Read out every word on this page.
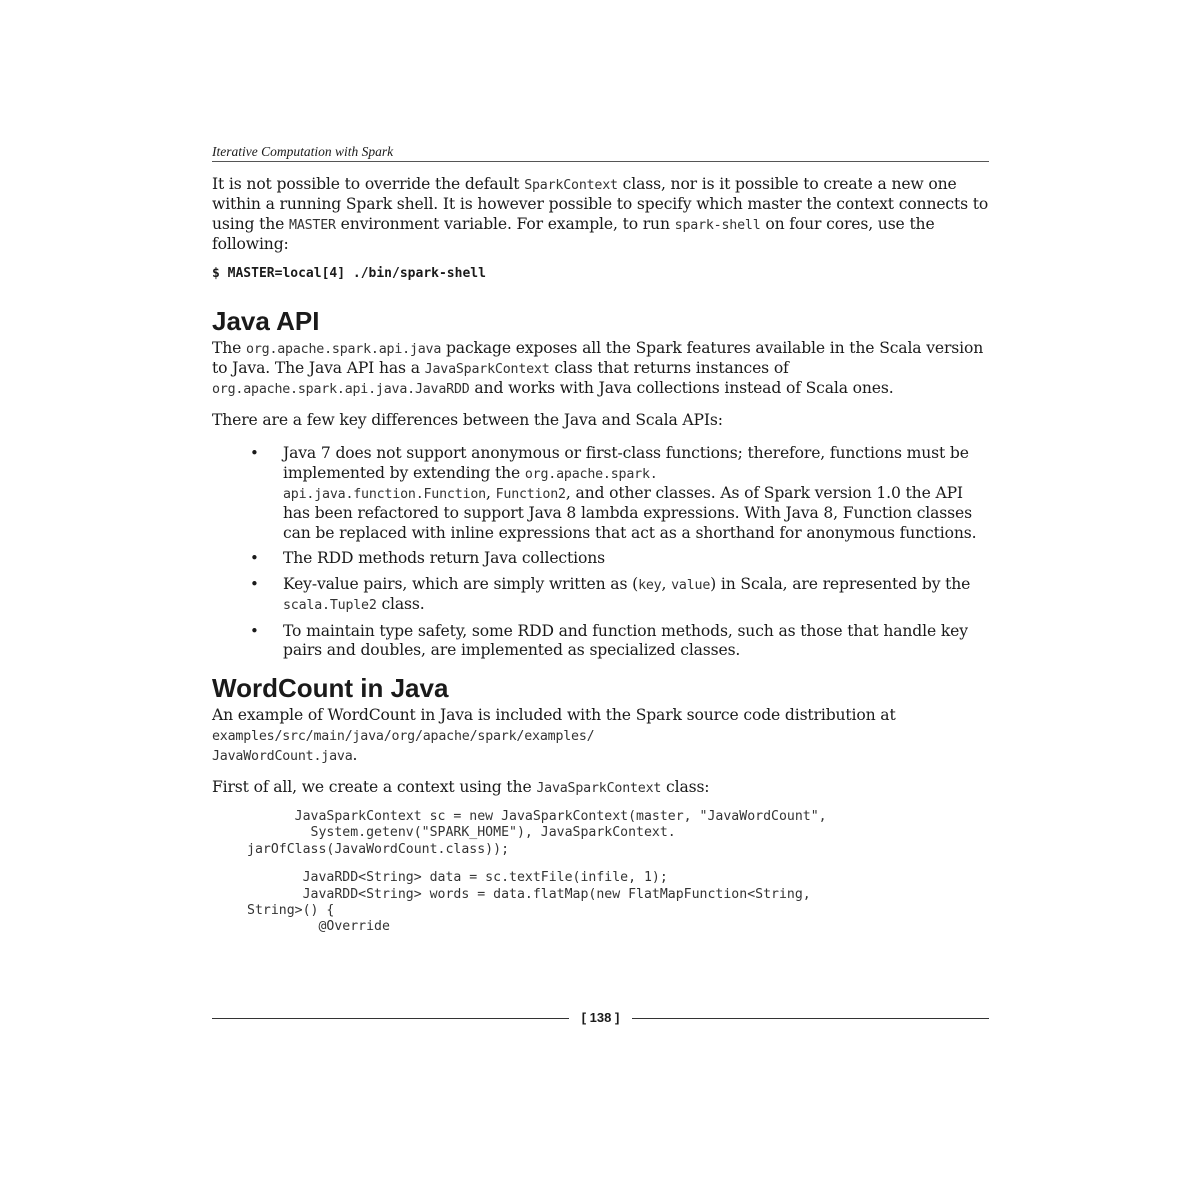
Iterative Computation with Spark

It is not possible to override the default SparkContext class, nor is it possible to create a new one within a running Spark shell. It is however possible to specify which master the context connects to using the MASTER environment variable. For example, to run spark-shell on four cores, use the following:

$ MASTER=local[4] ./bin/spark-shell
Java API

The org.apache.spark.api.java package exposes all the Spark features available in the Scala version to Java. The Java API has a JavaSparkContext class that returns instances of org.apache.spark.api.java.JavaRDD and works with Java collections instead of Scala ones.

There are a few key differences between the Java and Scala APIs:

• Java 7 does not support anonymous or first-class functions; therefore, functions must be implemented by extending the org.apache.spark.
api.java.function.Function, Function2, and other classes. As of Spark version 1.0 the API has been refactored to support Java 8 lambda expressions. With Java 8, Function classes can be replaced with inline expressions that act as a shorthand for anonymous functions.
• The RDD methods return Java collections
• Key-value pairs, which are simply written as (key, value) in Scala, are represented by the scala.Tuple2 class.
• To maintain type safety, some RDD and function methods, such as those that handle key pairs and doubles, are implemented as specialized classes.
WordCount in Java

An example of WordCount in Java is included with the Spark source code distribution at examples/src/main/java/org/apache/spark/examples/
JavaWordCount.java.

First of all, we create a context using the JavaSparkContext class:

JavaSparkContext sc = new JavaSparkContext(master, "JavaWordCount",
System.getenv("SPARK_HOME"), JavaSparkContext.
jarOfClass(JavaWordCount.class));
JavaRDD<String> data = sc.textFile(infile, 1);
JavaRDD<String> words = data.flatMap(new FlatMapFunction<String,
String>() {
@Override
[ 138 ]
